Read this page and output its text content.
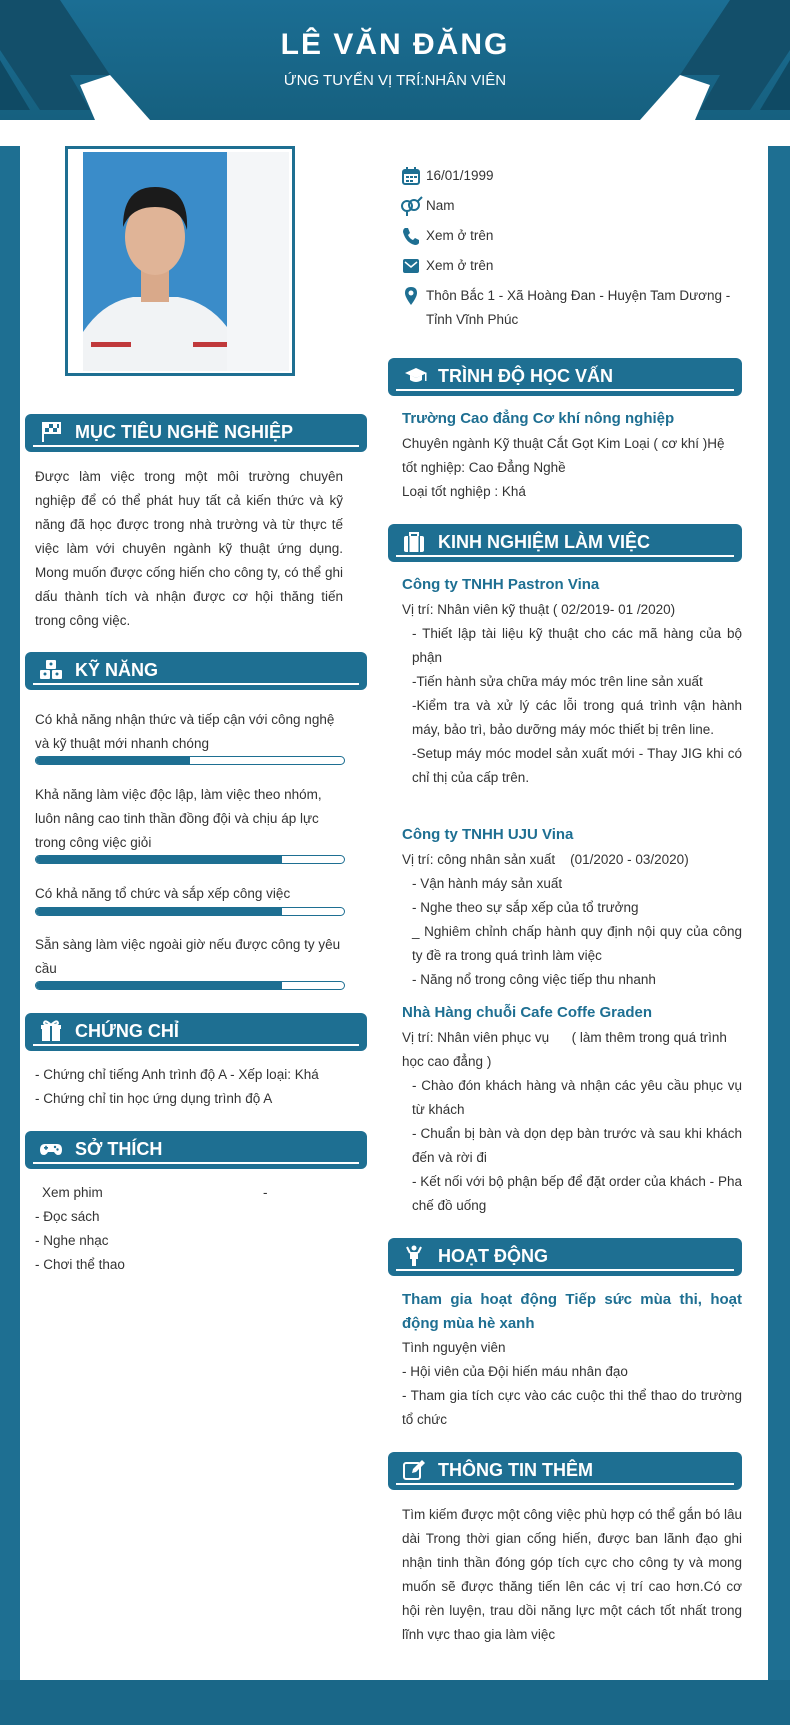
LÊ VĂN ĐĂNG
ỨNG TUYỂN VỊ TRÍ:NHÂN VIÊN
16/01/1999
Nam
Xem ở trên
Xem ở trên
Thôn Bắc 1 - Xã Hoàng Đan - Huyện Tam Dương -
Tỉnh Vĩnh Phúc
MỤC TIÊU NGHỀ NGHIỆP
Được làm việc trong một môi trường chuyên nghiệp để có thể phát huy tất cả kiến thức và kỹ năng đã học được trong nhà trường và từ thực tế việc làm với chuyên ngành kỹ thuật ứng dụng. Mong muốn được cống hiến cho công ty, có thể ghi dấu thành tích và nhận được cơ hội thăng tiến trong công việc.
KỸ NĂNG
Có khả năng nhận thức và tiếp cận với công nghệ và kỹ thuật mới nhanh chóng
Khả năng làm việc độc lập, làm việc theo nhóm, luôn nâng cao tinh thần đồng đội và chịu áp lực trong công việc giỏi
Có khả năng tổ chức và sắp xếp công việc
Sẵn sàng làm việc ngoài giờ nếu được công ty yêu cầu
CHỨNG CHỈ
- Chứng chỉ tiếng Anh trình độ A - Xếp loại: Khá
- Chứng chỉ tin học ứng dụng trình độ A
SỞ THÍCH
Xem phim	-
- Đọc sách
- Nghe nhạc
- Chơi thể thao
TRÌNH ĐỘ HỌC VẤN
Trường Cao đẳng Cơ khí nông nghiệp
Chuyên ngành Kỹ thuật Cắt Gọt Kim Loại ( cơ khí )Hệ tốt nghiệp: Cao Đẳng Nghề
Loại tốt nghiệp : Khá
KINH NGHIỆM LÀM VIỆC
Công ty TNHH Pastron Vina
Vị trí: Nhân viên kỹ thuật ( 02/2019- 01 /2020)
- Thiết lập tài liệu kỹ thuật cho các mã hàng của bộ phận
-Tiến hành sửa chữa máy móc trên line sản xuất
-Kiểm tra và xử lý các lỗi trong quá trình vận hành máy, bảo trì, bảo dưỡng máy móc thiết bị trên line.
-Setup máy móc model sản xuất mới - Thay JIG khi có chỉ thị của cấp trên.
Công ty TNHH UJU Vina
Vị trí: công nhân sản xuất    (01/2020 - 03/2020)
- Vận hành máy sản xuất
- Nghe theo sự sắp xếp của tổ trưởng
_ Nghiêm chỉnh chấp hành quy định nội quy của công ty đề ra trong quá trình làm việc
- Năng nổ trong công việc tiếp thu nhanh
Nhà Hàng chuỗi Cafe Coffe Graden
Vị trí: Nhân viên phục vụ      ( làm thêm trong quá trình học cao đẳng )
- Chào đón khách hàng và nhận các yêu cầu phục vụ từ khách
- Chuẩn bị bàn và dọn dẹp bàn trước và sau khi khách đến và rời đi
- Kết nối với bộ phận bếp để đặt order của khách - Pha chế đồ uống
HOẠT ĐỘNG
Tham gia hoạt động Tiếp sức mùa thi, hoạt động mùa hè xanh
Tình nguyện viên
- Hội viên của Đội hiến máu nhân đạo
- Tham gia tích cực vào các cuộc thi thể thao do trường tổ chức
THÔNG TIN THÊM
Tìm kiếm được một công việc phù hợp có thể gắn bó lâu dài Trong thời gian cống hiến, được ban lãnh đạo ghi nhận tinh thần đóng góp tích cực cho công ty và mong muốn sẽ được thăng tiến lên các vị trí cao hơn.Có cơ hội rèn luyện, trau dồi năng lực một cách tốt nhất trong lĩnh vực thao gia làm việc
